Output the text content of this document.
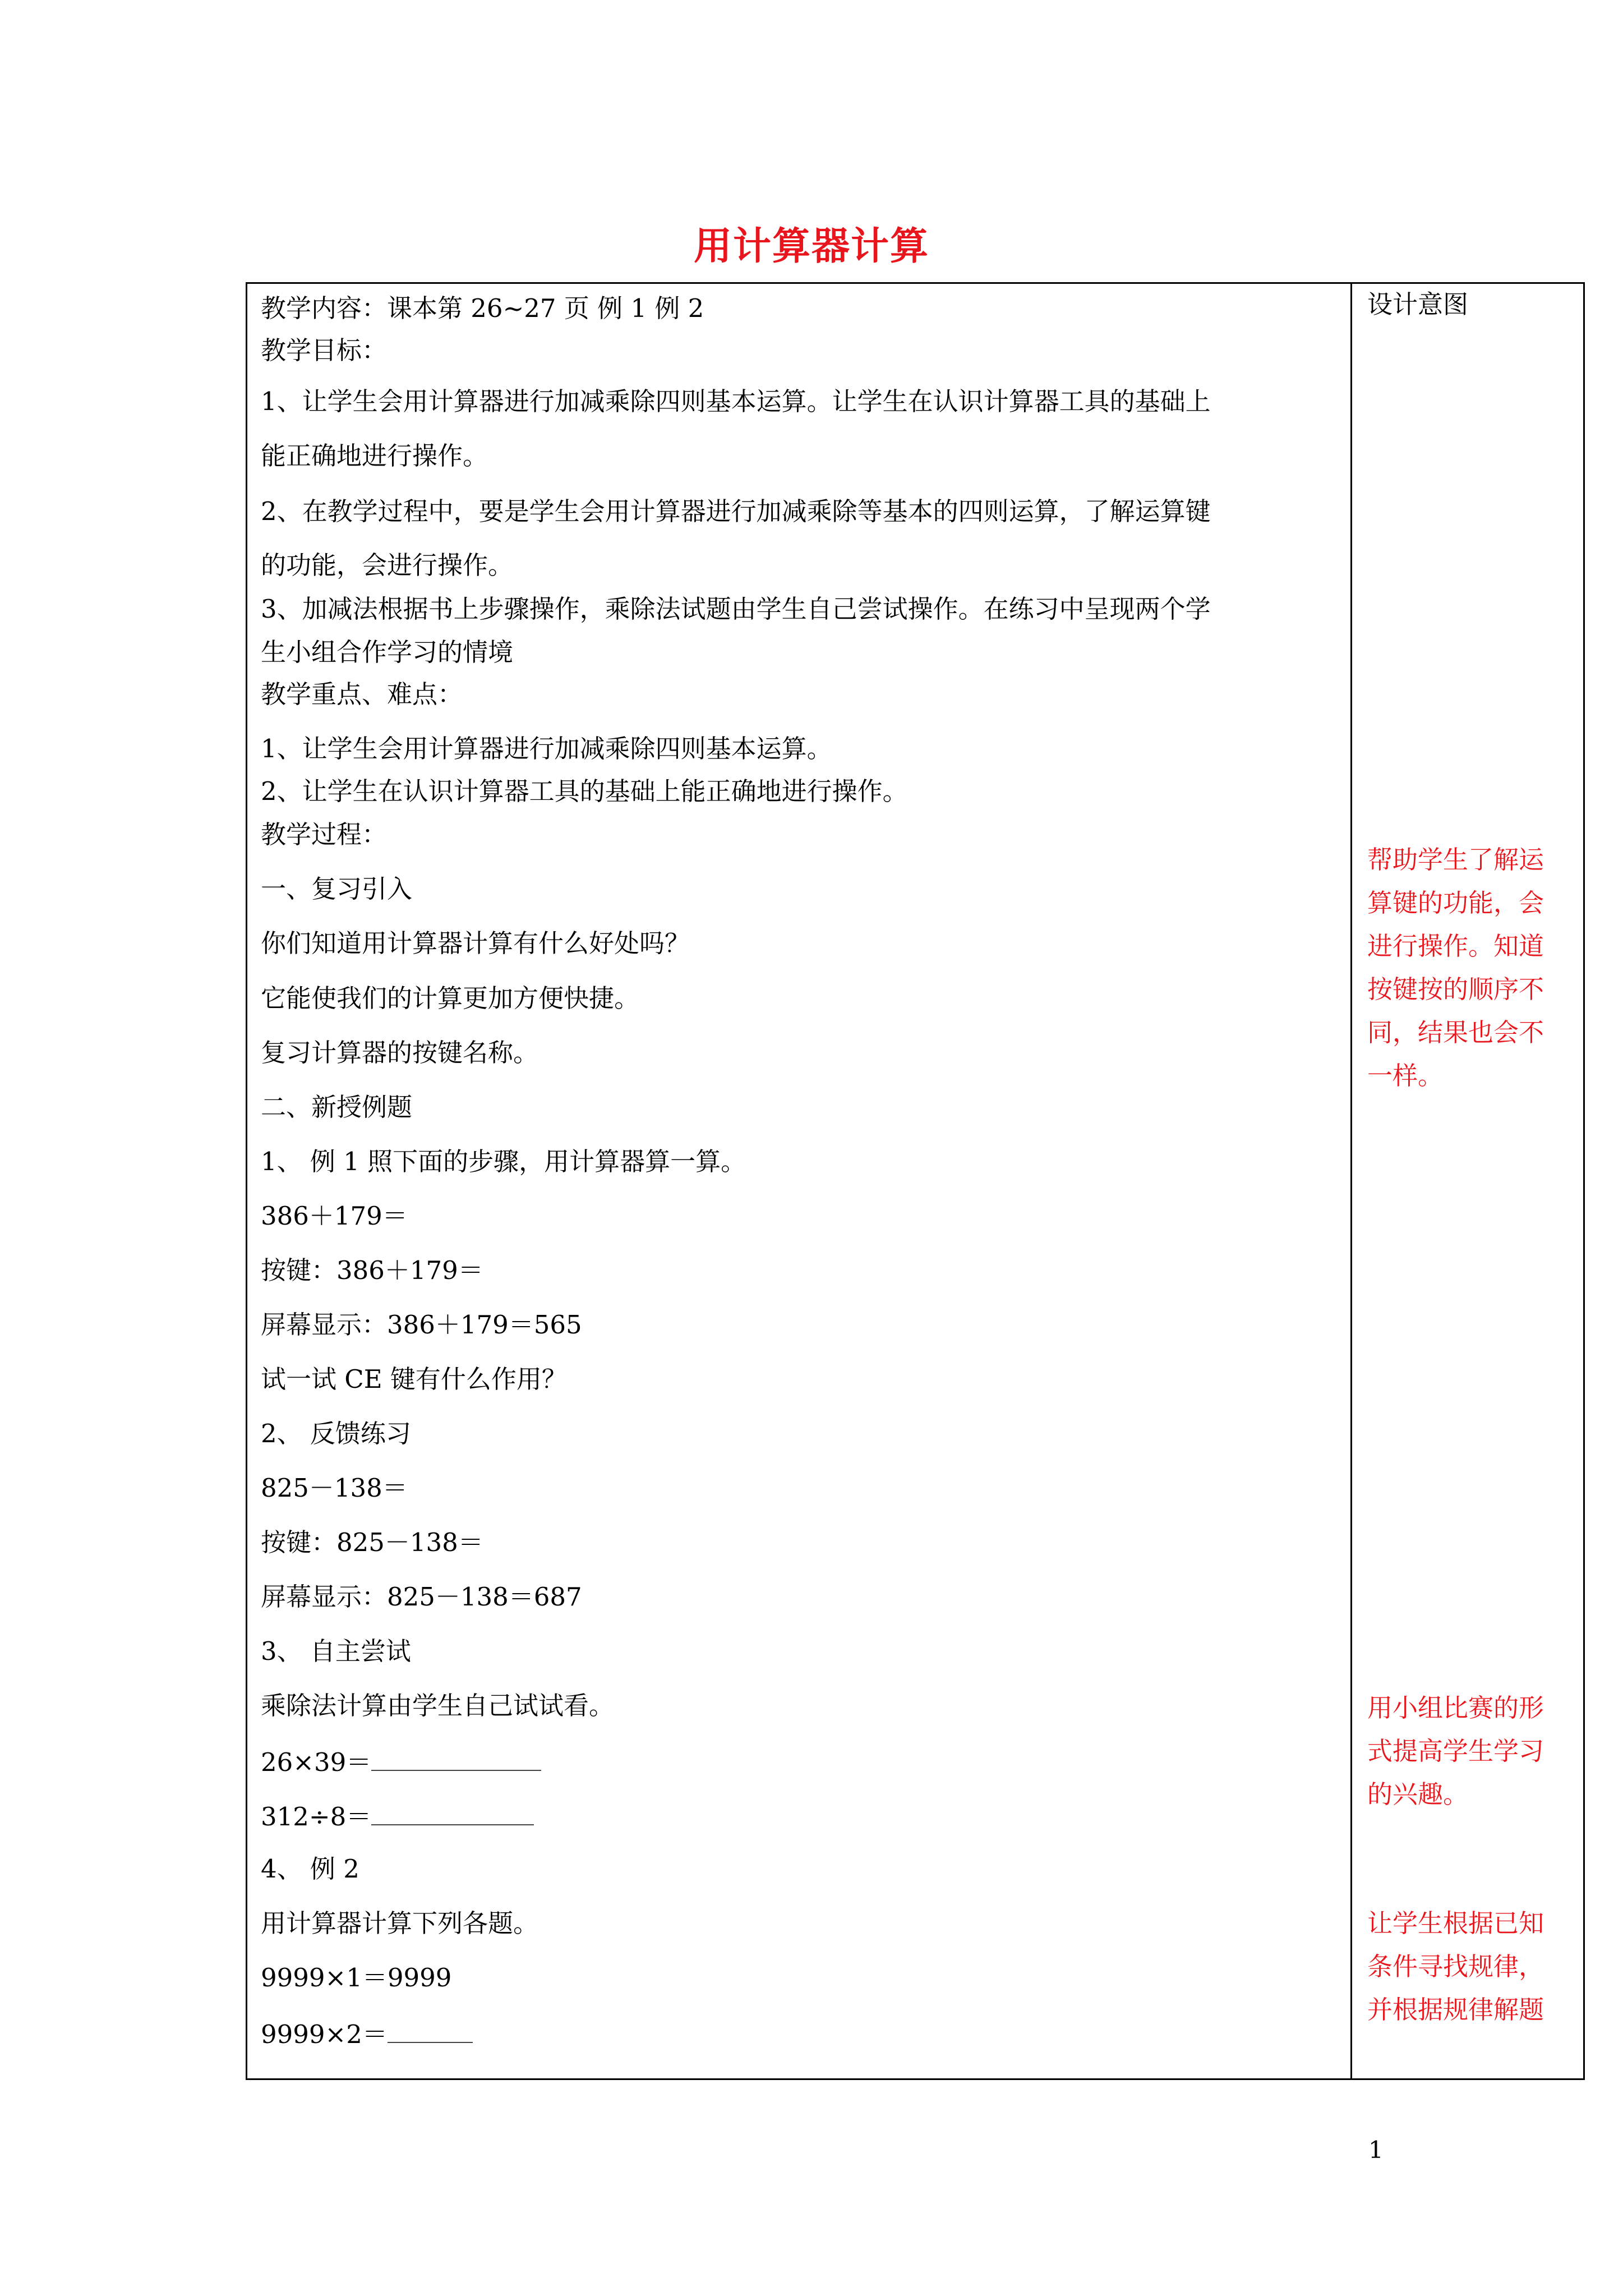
用计算器计算
设计意图
教学内容：课本第 26~27 页 例 1 例 2
教学目标：
1、让学生会用计算器进行加减乘除四则基本运算。让学生在认识计算器工具的基础上
能正确地进行操作。
2、在教学过程中，要是学生会用计算器进行加减乘除等基本的四则运算，了解运算键
的功能，会进行操作。
3、加减法根据书上步骤操作，乘除法试题由学生自己尝试操作。在练习中呈现两个学
生小组合作学习的情境
教学重点、难点：
1、让学生会用计算器进行加减乘除四则基本运算。
2、让学生在认识计算器工具的基础上能正确地进行操作。
教学过程：
一、复习引入
你们知道用计算器计算有什么好处吗？
它能使我们的计算更加方便快捷。
复习计算器的按键名称。
二、新授例题
1、 例 1 照下面的步骤，用计算器算一算。
386＋179＝
按键：386＋179＝
屏幕显示：386＋179＝565
试一试 CE 键有什么作用？
2、 反馈练习
825－138＝
按键：825－138＝
屏幕显示：825－138＝687
3、 自主尝试
乘除法计算由学生自己试试看。
26×39＝
312÷8＝
4、 例 2
用计算器计算下列各题。
9999×1＝9999
9999×2＝
帮助学生了解运
算键的功能，会
进行操作。知道
按键按的顺序不
同，结果也会不
一样。
用小组比赛的形
式提高学生学习
的兴趣。
让学生根据已知
条件寻找规律，
并根据规律解题
1
